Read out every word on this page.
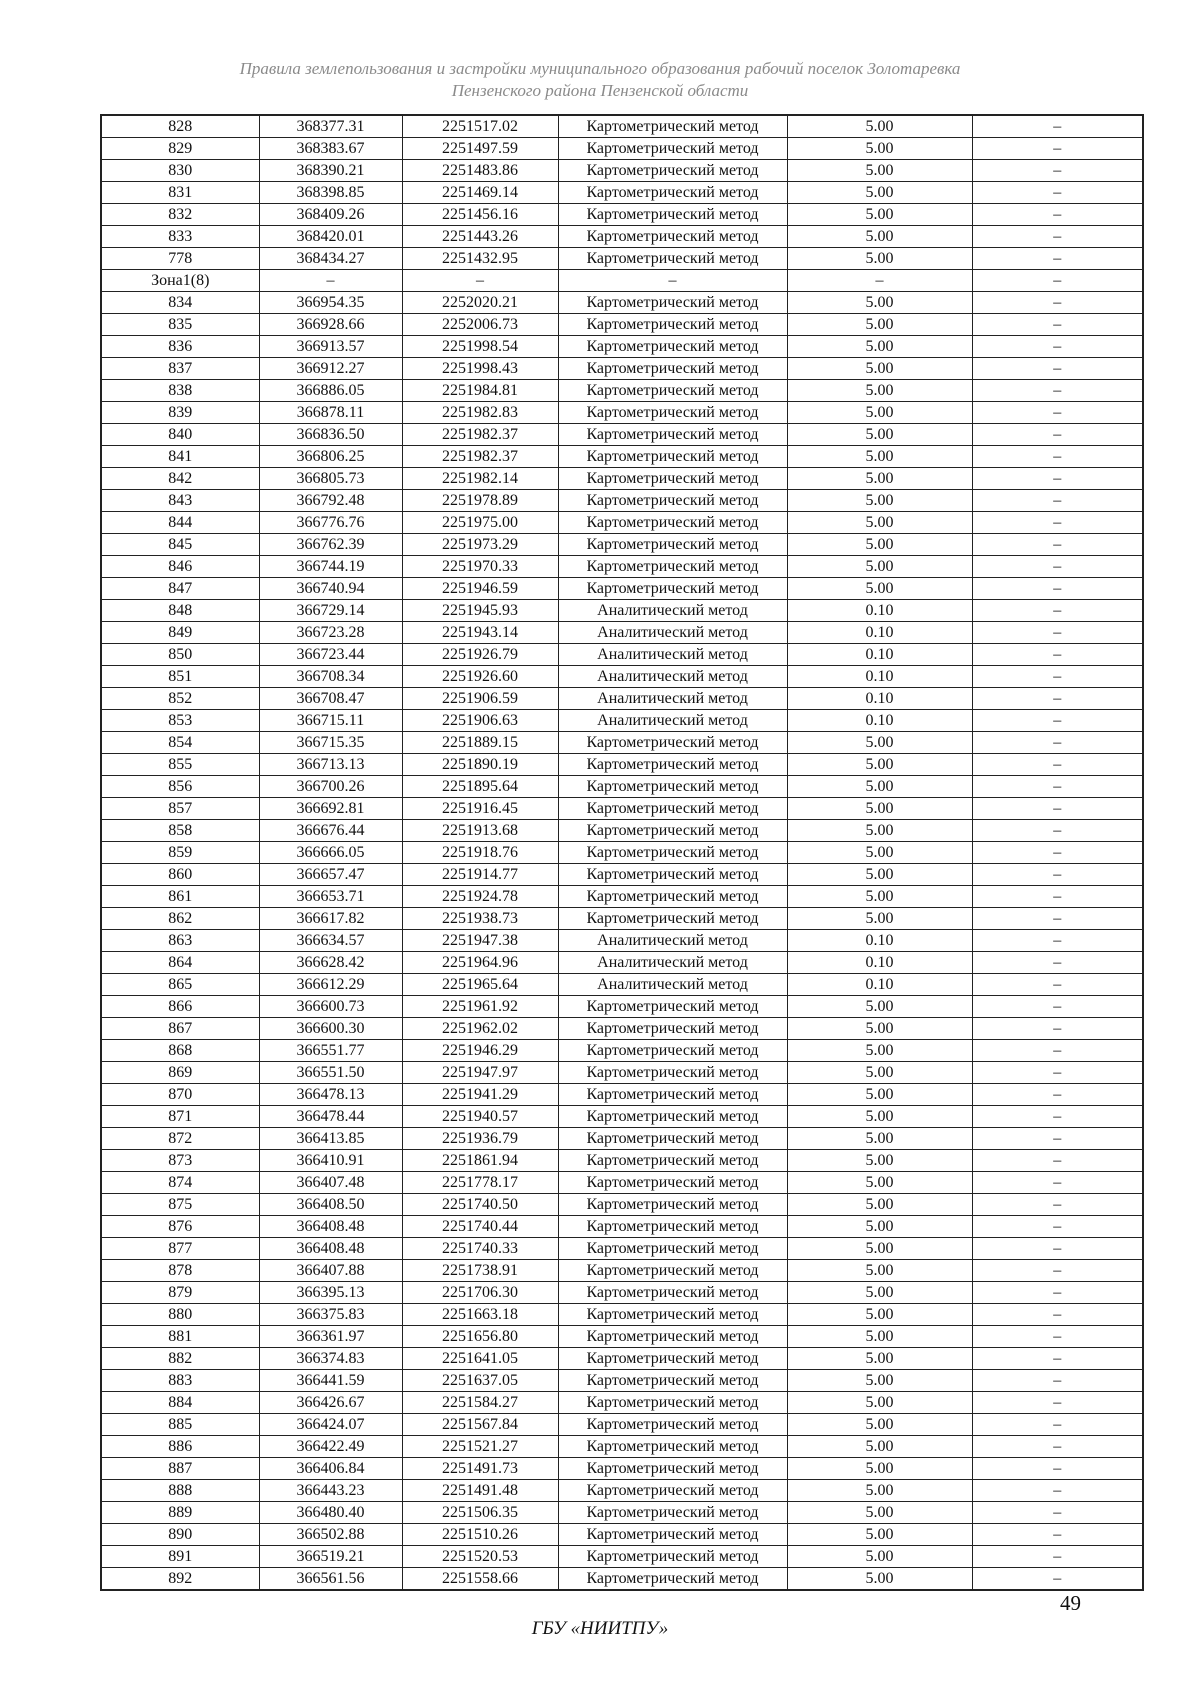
Правила землепользования и застройки муниципального образования рабочий поселок Золотаревка
Пензенского района Пензенской области
828	368377.31	2251517.02	Картометрический метод	5.00	–
829	368383.67	2251497.59	Картометрический метод	5.00	–
830	368390.21	2251483.86	Картометрический метод	5.00	–
831	368398.85	2251469.14	Картометрический метод	5.00	–
832	368409.26	2251456.16	Картометрический метод	5.00	–
833	368420.01	2251443.26	Картометрический метод	5.00	–
778	368434.27	2251432.95	Картометрический метод	5.00	–
Зона1(8)	–	–	–	–	–
834	366954.35	2252020.21	Картометрический метод	5.00	–
835	366928.66	2252006.73	Картометрический метод	5.00	–
836	366913.57	2251998.54	Картометрический метод	5.00	–
837	366912.27	2251998.43	Картометрический метод	5.00	–
838	366886.05	2251984.81	Картометрический метод	5.00	–
839	366878.11	2251982.83	Картометрический метод	5.00	–
840	366836.50	2251982.37	Картометрический метод	5.00	–
841	366806.25	2251982.37	Картометрический метод	5.00	–
842	366805.73	2251982.14	Картометрический метод	5.00	–
843	366792.48	2251978.89	Картометрический метод	5.00	–
844	366776.76	2251975.00	Картометрический метод	5.00	–
845	366762.39	2251973.29	Картометрический метод	5.00	–
846	366744.19	2251970.33	Картометрический метод	5.00	–
847	366740.94	2251946.59	Картометрический метод	5.00	–
848	366729.14	2251945.93	Аналитический метод	0.10	–
849	366723.28	2251943.14	Аналитический метод	0.10	–
850	366723.44	2251926.79	Аналитический метод	0.10	–
851	366708.34	2251926.60	Аналитический метод	0.10	–
852	366708.47	2251906.59	Аналитический метод	0.10	–
853	366715.11	2251906.63	Аналитический метод	0.10	–
854	366715.35	2251889.15	Картометрический метод	5.00	–
855	366713.13	2251890.19	Картометрический метод	5.00	–
856	366700.26	2251895.64	Картометрический метод	5.00	–
857	366692.81	2251916.45	Картометрический метод	5.00	–
858	366676.44	2251913.68	Картометрический метод	5.00	–
859	366666.05	2251918.76	Картометрический метод	5.00	–
860	366657.47	2251914.77	Картометрический метод	5.00	–
861	366653.71	2251924.78	Картометрический метод	5.00	–
862	366617.82	2251938.73	Картометрический метод	5.00	–
863	366634.57	2251947.38	Аналитический метод	0.10	–
864	366628.42	2251964.96	Аналитический метод	0.10	–
865	366612.29	2251965.64	Аналитический метод	0.10	–
866	366600.73	2251961.92	Картометрический метод	5.00	–
867	366600.30	2251962.02	Картометрический метод	5.00	–
868	366551.77	2251946.29	Картометрический метод	5.00	–
869	366551.50	2251947.97	Картометрический метод	5.00	–
870	366478.13	2251941.29	Картометрический метод	5.00	–
871	366478.44	2251940.57	Картометрический метод	5.00	–
872	366413.85	2251936.79	Картометрический метод	5.00	–
873	366410.91	2251861.94	Картометрический метод	5.00	–
874	366407.48	2251778.17	Картометрический метод	5.00	–
875	366408.50	2251740.50	Картометрический метод	5.00	–
876	366408.48	2251740.44	Картометрический метод	5.00	–
877	366408.48	2251740.33	Картометрический метод	5.00	–
878	366407.88	2251738.91	Картометрический метод	5.00	–
879	366395.13	2251706.30	Картометрический метод	5.00	–
880	366375.83	2251663.18	Картометрический метод	5.00	–
881	366361.97	2251656.80	Картометрический метод	5.00	–
882	366374.83	2251641.05	Картометрический метод	5.00	–
883	366441.59	2251637.05	Картометрический метод	5.00	–
884	366426.67	2251584.27	Картометрический метод	5.00	–
885	366424.07	2251567.84	Картометрический метод	5.00	–
886	366422.49	2251521.27	Картометрический метод	5.00	–
887	366406.84	2251491.73	Картометрический метод	5.00	–
888	366443.23	2251491.48	Картометрический метод	5.00	–
889	366480.40	2251506.35	Картометрический метод	5.00	–
890	366502.88	2251510.26	Картометрический метод	5.00	–
891	366519.21	2251520.53	Картометрический метод	5.00	–
892	366561.56	2251558.66	Картометрический метод	5.00	–
49
ГБУ «НИИТПУ»
